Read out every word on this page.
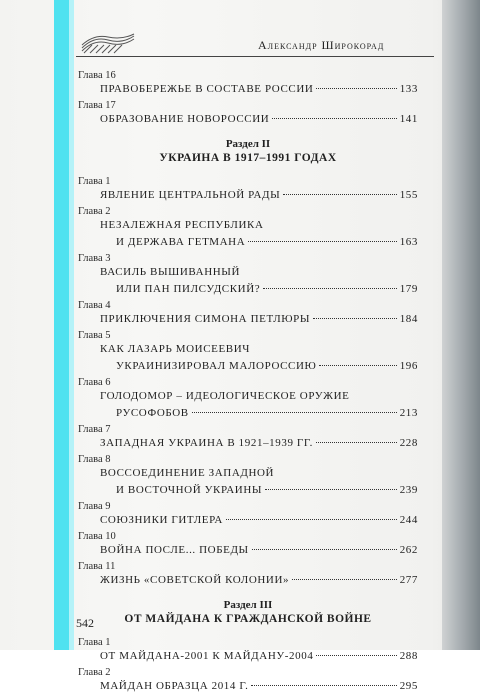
Александр Широкорад
Глава 16
ПРАВОБЕРЕЖЬЕ В СОСТАВЕ РОССИИ	133
Глава 17
ОБРАЗОВАНИЕ НОВОРОССИИ	141
Раздел II
УКРАИНА В 1917–1991 ГОДАХ
Глава 1
ЯВЛЕНИЕ ЦЕНТРАЛЬНОЙ РАДЫ	155
Глава 2
НЕЗАЛЕЖНАЯ РЕСПУБЛИКА
И ДЕРЖАВА ГЕТМАНА	163
Глава 3
ВАСИЛЬ ВЫШИВАННЫЙ
ИЛИ ПАН ПИЛСУДСКИЙ?	179
Глава 4
ПРИКЛЮЧЕНИЯ СИМОНА ПЕТЛЮРЫ	184
Глава 5
КАК ЛАЗАРЬ МОИСЕЕВИЧ
УКРАИНИЗИРОВАЛ МАЛОРОССИЮ	196
Глава 6
ГОЛОДОМОР – ИДЕОЛОГИЧЕСКОЕ ОРУЖИЕ
РУСОФОБОВ	213
Глава 7
ЗАПАДНАЯ УКРАИНА В 1921–1939 ГГ.	228
Глава 8
ВОССОЕДИНЕНИЕ ЗАПАДНОЙ
И ВОСТОЧНОЙ УКРАИНЫ	239
Глава 9
СОЮЗНИКИ ГИТЛЕРА	244
Глава 10
ВОЙНА ПОСЛЕ... ПОБЕДЫ	262
Глава 11
ЖИЗНЬ «СОВЕТСКОЙ КОЛОНИИ»	277
Раздел III
ОТ МАЙДАНА К ГРАЖДАНСКОЙ ВОЙНЕ
Глава 1
ОТ МАЙДАНА-2001 К МАЙДАНУ-2004	288
Глава 2
МАЙДАН ОБРАЗЦА 2014 Г.	295
542
